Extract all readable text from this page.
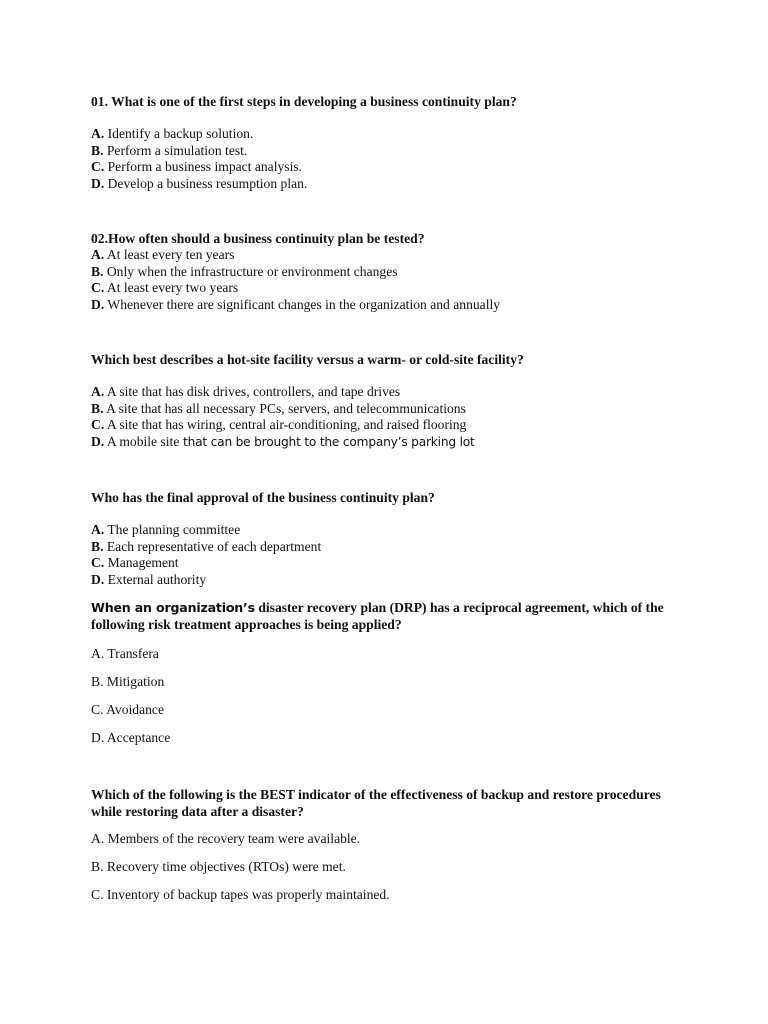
01. What is one of the first steps in developing a business continuity plan?

A. Identify a backup solution.
B. Perform a simulation test.
C. Perform a business impact analysis.
D. Develop a business resumption plan.

02.How often should a business continuity plan be tested?

A. At least every ten years
B. Only when the infrastructure or environment changes
C. At least every two years
D. Whenever there are significant changes in the organization and annually

Which best describes a hot-site facility versus a warm- or cold-site facility?

A. A site that has disk drives, controllers, and tape drives
B. A site that has all necessary PCs, servers, and telecommunications
C. A site that has wiring, central air-conditioning, and raised flooring
D. A mobile site that can be brought to the company’s parking lot

Who has the final approval of the business continuity plan?

A. The planning committee
B. Each representative of each department
C. Management
D. External authority

When an organization’s disaster recovery plan (DRP) has a reciprocal agreement, which of the
following risk treatment approaches is being applied?

A. Transfera
B. Mitigation
C. Avoidance
D. Acceptance

Which of the following is the BEST indicator of the effectiveness of backup and restore procedures
while restoring data after a disaster?

A. Members of the recovery team were available.
B. Recovery time objectives (RTOs) were met.
C. Inventory of backup tapes was properly maintained.
